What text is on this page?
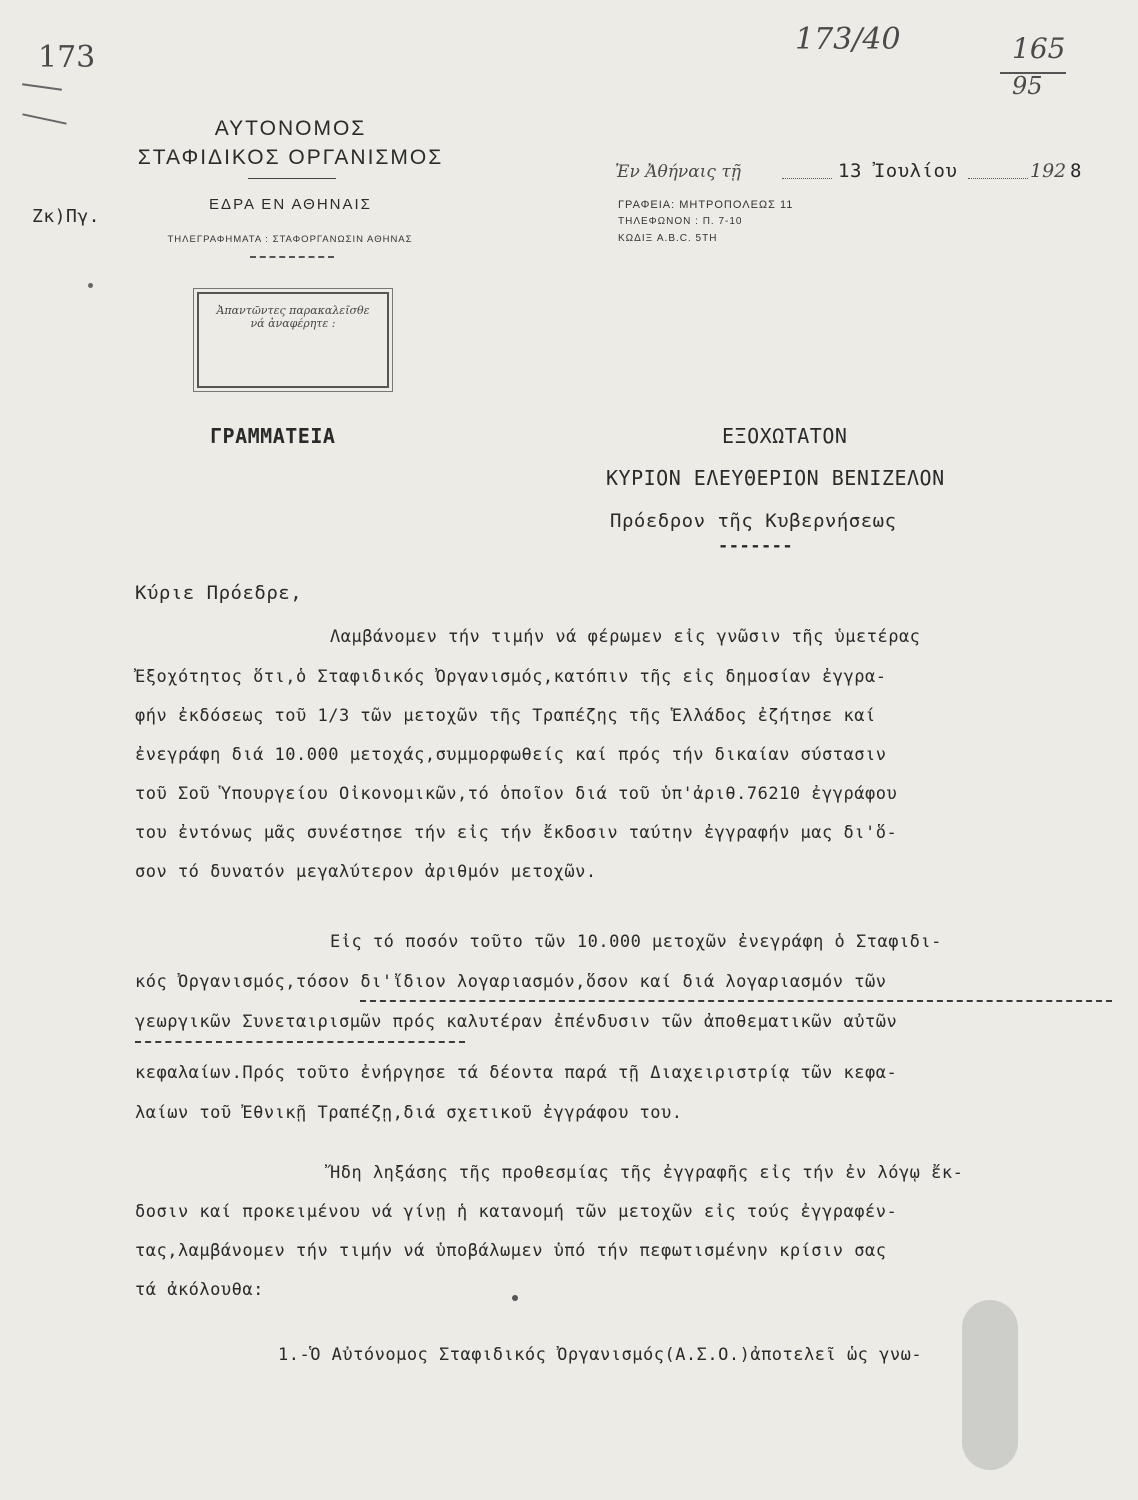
173
173/40	165
95
Ζκ)Πγ.
ΑΥΤΟΝΟΜΟΣ
ΣΤΑΦΙΔΙΚΟΣ ΟΡΓΑΝΙΣΜΟΣ
ΕΔΡΑ ΕΝ ΑΘΗΝΑΙΣ
ΤΗΛΕΓΡΑΦΗΜΑΤΑ : ΣΤΑΦΟΡΓΑΝΩΣΙΝ ΑΘΗΝΑΣ
Ἀπαντῶντες παρακαλεῖσθε
νά ἀναφέρητε :
Ἐν Ἀθήναις τῇ	13 Ἰουλίου	192 8
ΓΡΑΦΕΙΑ: ΜΗΤΡΟΠΟΛΕΩΣ 11
ΤΗΛΕΦΩΝΟΝ : Π. 7-10
ΚΩΔΙΞ A.B.C. 5TH
ΓΡΑΜΜΑΤΕΙΑ	ΕΞΟΧΩΤΑΤΟΝ
ΚΥΡΙΟΝ ΕΛΕΥΘΕΡΙΟΝ ΒΕΝΙΖΕΛΟΝ
Πρόεδρον τῆς Κυβερνήσεως
-------
Κύριε Πρόεδρε,
Λαμβάνομεν τήν τιμήν νά φέρωμεν εἰς γνῶσιν τῆς ὑμετέρας
Ἐξοχότητος ὅτι,ὁ Σταφιδικός Ὀργανισμός,κατόπιν τῆς εἰς δημοσίαν ἐγγρα-
φήν ἐκδόσεως τοῦ 1/3 τῶν μετοχῶν τῆς Τραπέζης τῆς Ἑλλάδος ἐζήτησε καί
ἐνεγράφη διά 10.000 μετοχάς,συμμορφωθείς καί πρός τήν δικαίαν σύστασιν
τοῦ Σοῦ Ὑπουργείου Οἰκονομικῶν,τό ὁποῖον διά τοῦ ὑπ'ἀριθ.76210 ἐγγράφου
του ἐντόνως μᾶς συνέστησε τήν εἰς τήν ἔκδοσιν ταύτην ἐγγραφήν μας δι'ὅ-
σον τό δυνατόν μεγαλύτερον ἀριθμόν μετοχῶν.
Εἰς τό ποσόν τοῦτο τῶν 10.000 μετοχῶν ἐνεγράφη ὁ Σταφιδι-
κός Ὀργανισμός,τόσον δι'ἴδιον λογαριασμόν,ὅσον καί διά λογαριασμόν τῶν
γεωργικῶν Συνεταιρισμῶν πρός καλυτέραν ἐπένδυσιν τῶν ἀποθεματικῶν αὐτῶν
κεφαλαίων.Πρός τοῦτο ἐνήργησε τά δέοντα παρά τῇ Διαχειριστρίᾳ τῶν κεφα-
λαίων τοῦ Ἐθνικῇ Τραπέζῃ,διά σχετικοῦ ἐγγράφου του.
Ἤδη ληξάσης τῆς προθεσμίας τῆς ἐγγραφῆς εἰς τήν ἐν λόγῳ ἔκ-
δοσιν καί προκειμένου νά γίνῃ ἡ κατανομή τῶν μετοχῶν εἰς τούς ἐγγραφέν-
τας,λαμβάνομεν τήν τιμήν νά ὑποβάλωμεν ὑπό τήν πεφωτισμένην κρίσιν σας
τά ἀκόλουθα:
1.-Ὁ Αὐτόνομος Σταφιδικός Ὀργανισμός(Α.Σ.Ο.)ἀποτελεῖ ὡς γνω-
